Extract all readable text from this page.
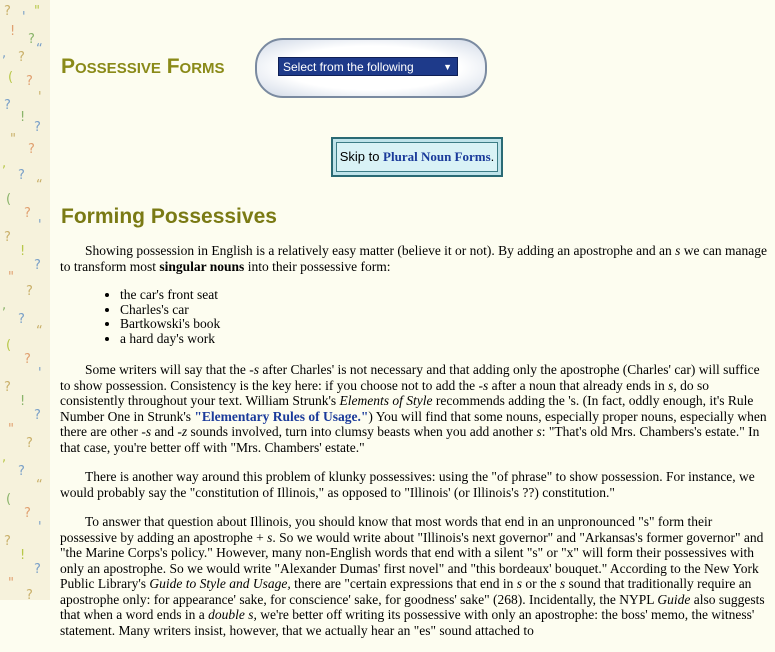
? ' "
!
?
, ?
“
( ?
'
?
!
?
"
?
,
?
“
(
?
'
?
!
?
"
?
,
?
“
(
?
'
?
!
?
"
?
,
?
“
(
?
'
?
!
?
"
?
Possessive Forms	Select from the following	▼
Skip to Plural Noun Forms.
Forming Possessives

Showing possession in English is a relatively easy matter (believe it or not). By adding an apostrophe and an s we can manage to transform most singular nouns into their possessive form:

• the car's front seat
• Charles's car
• Bartkowski's book
• a hard day's work

Some writers will say that the -s after Charles' is not necessary and that adding only the apostrophe (Charles' car) will suffice to show possession. Consistency is the key here: if you choose not to add the -s after a noun that already ends in s, do so consistently throughout your text. William Strunk's Elements of Style recommends adding the 's. (In fact, oddly enough, it's Rule Number One in Strunk's "Elementary Rules of Usage.") You will find that some nouns, especially proper nouns, especially when there are other -s and -z sounds involved, turn into clumsy beasts when you add another s: "That's old Mrs. Chambers's estate." In that case, you're better off with "Mrs. Chambers' estate."

There is another way around this problem of klunky possessives: using the "of phrase" to show possession. For instance, we would probably say the "constitution of Illinois," as opposed to "Illinois' (or Illinois's ??) constitution."

To answer that question about Illinois, you should know that most words that end in an unpronounced "s" form their possessive by adding an apostrophe + s. So we would write about "Illinois's next governor" and "Arkansas's former governor" and "the Marine Corps's policy." However, many non-English words that end with a silent "s" or "x" will form their possessives with only an apostrophe. So we would write "Alexander Dumas' first novel" and "this bordeaux' bouquet." According to the New York Public Library's Guide to Style and Usage, there are "certain expressions that end in s or the s sound that traditionally require an apostrophe only: for appearance' sake, for conscience' sake, for goodness' sake" (268). Incidentally, the NYPL Guide also suggests that when a word ends in a double s, we're better off writing its possessive with only an apostrophe: the boss' memo, the witness' statement. Many writers insist, however, that we actually hear an "es" sound attached to
